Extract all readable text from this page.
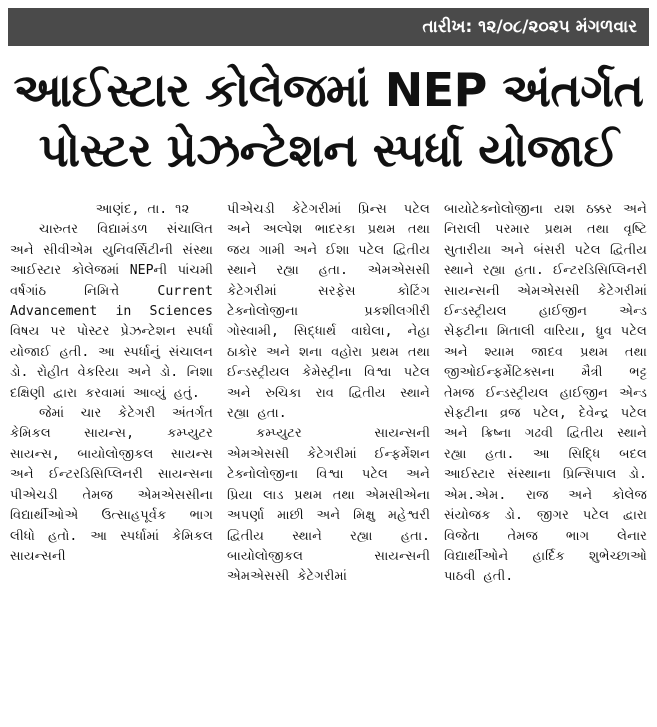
તારીખ: ૧૨/૦૮/૨૦૨૫ મંગળવાર
આઈસ્ટાર કોલેજમાં NEP અંતર્ગત
પોસ્ટર પ્રેઝન્ટેશન સ્પર્ધા યોજાઈ

આણંદ, તા. ૧૨

ચારુતર વિદ્યામંડળ સંચાલિત અને સીવીએમ યુનિવર્સિટીની સંસ્થા આઈસ્ટાર કોલેજમાં NEPની પાંચમી વર્ષગાંઠ નિમિત્તે Current Advancement in Sciences વિષય પર પોસ્ટર પ્રેઝન્ટેશન સ્પર્ધા યોજાઈ હતી. આ સ્પર્ધાનું સંચાલન ડો. રોહીત વેકરિયા અને ડો. નિશા દક્ષિણી દ્વારા કરવામાં આવ્યું હતું.

જેમાં ચાર કેટેગરી અંતર્ગત કેમિકલ સાયન્સ, કમ્પ્યુટર સાયન્સ, બાયોલોજીકલ સાયન્સ અને ઈન્ટરડિસિપ્લિનરી સાયન્સના પીએચડી તેમજ એમએસસીના વિદ્યાર્થીઓએ ઉત્સાહપૂર્વક ભાગ લીધો હતો. આ સ્પર્ધામાં કેમિકલ સાયન્સની

પીએચડી કેટેગરીમાં પ્રિન્સ પટેલ અને અલ્પેશ ભાદરકા પ્રથમ તથા જય ગામી અને ઈશા પટેલ દ્વિતીય સ્થાને રહ્યા હતા. એમએસસી કેટેગરીમાં સરફેસ કોટિંગ ટેક્નોલોજીના પ્રકશીલગીરી ગોસ્વામી, સિદ્ધાર્થ વાઘેલા, નેહા ઠાકોર અને શના વહોરા પ્રથમ તથા ઈન્ડસ્ટ્રીયલ કેમેસ્ટ્રીના વિશ્વા પટેલ અને રુચિકા રાવ દ્વિતીય સ્થાને રહ્યા હતા.

કમ્પ્યુટર સાયન્સની એમએસસી કેટેગરીમાં ઈન્ફર્મેશન ટેક્નોલોજીના વિશ્વા પટેલ અને પ્રિયા લાડ પ્રથમ તથા એમસીએના અપર્ણા માછી અને મિક્ષુ મહેશ્વરી દ્વિતીય સ્થાને રહ્યા હતા. બાયોલોજીકલ સાયન્સની એમએસસી કેટેગરીમાં

બાયોટેક્નોલોજીના યશ ઠક્કર અને નિરાલી પરમાર પ્રથમ તથા વૃષ્ટિ સુતારીયા અને બંસરી પટેલ દ્વિતીય સ્થાને રહ્યા હતા. ઈન્ટરડિસિપ્લિનરી સાયન્સની એમએસસી કેટેગરીમાં ઈન્ડસ્ટ્રીયલ હાઈજીન એન્ડ સેફ્ટીના મિતાલી વારિયા, ધ્રુવ પટેલ અને શ્યામ જાદવ પ્રથમ તથા જીઓઈન્ફર્મેટિક્સના મૈત્રી ભટ્ટ તેમજ ઈન્ડસ્ટ્રીયલ હાઈજીન એન્ડ સેફ્ટીના વ્રજ પટેલ, દેવેન્દ્ર પટેલ અને ક્રિષ્ના ગઢવી દ્વિતીય સ્થાને રહ્યા હતા. આ સિદ્ધિ બદલ આઈસ્ટાર સંસ્થાના પ્રિન્સિપાલ ડો. એમ.એમ. રાજ અને કોલેજ સંયોજક ડો. જીગર પટેલ દ્વારા વિજેતા તેમજ ભાગ લેનાર વિદ્યાર્થીઓને હાર્દિક શુભેચ્છાઓ પાઠવી હતી.
